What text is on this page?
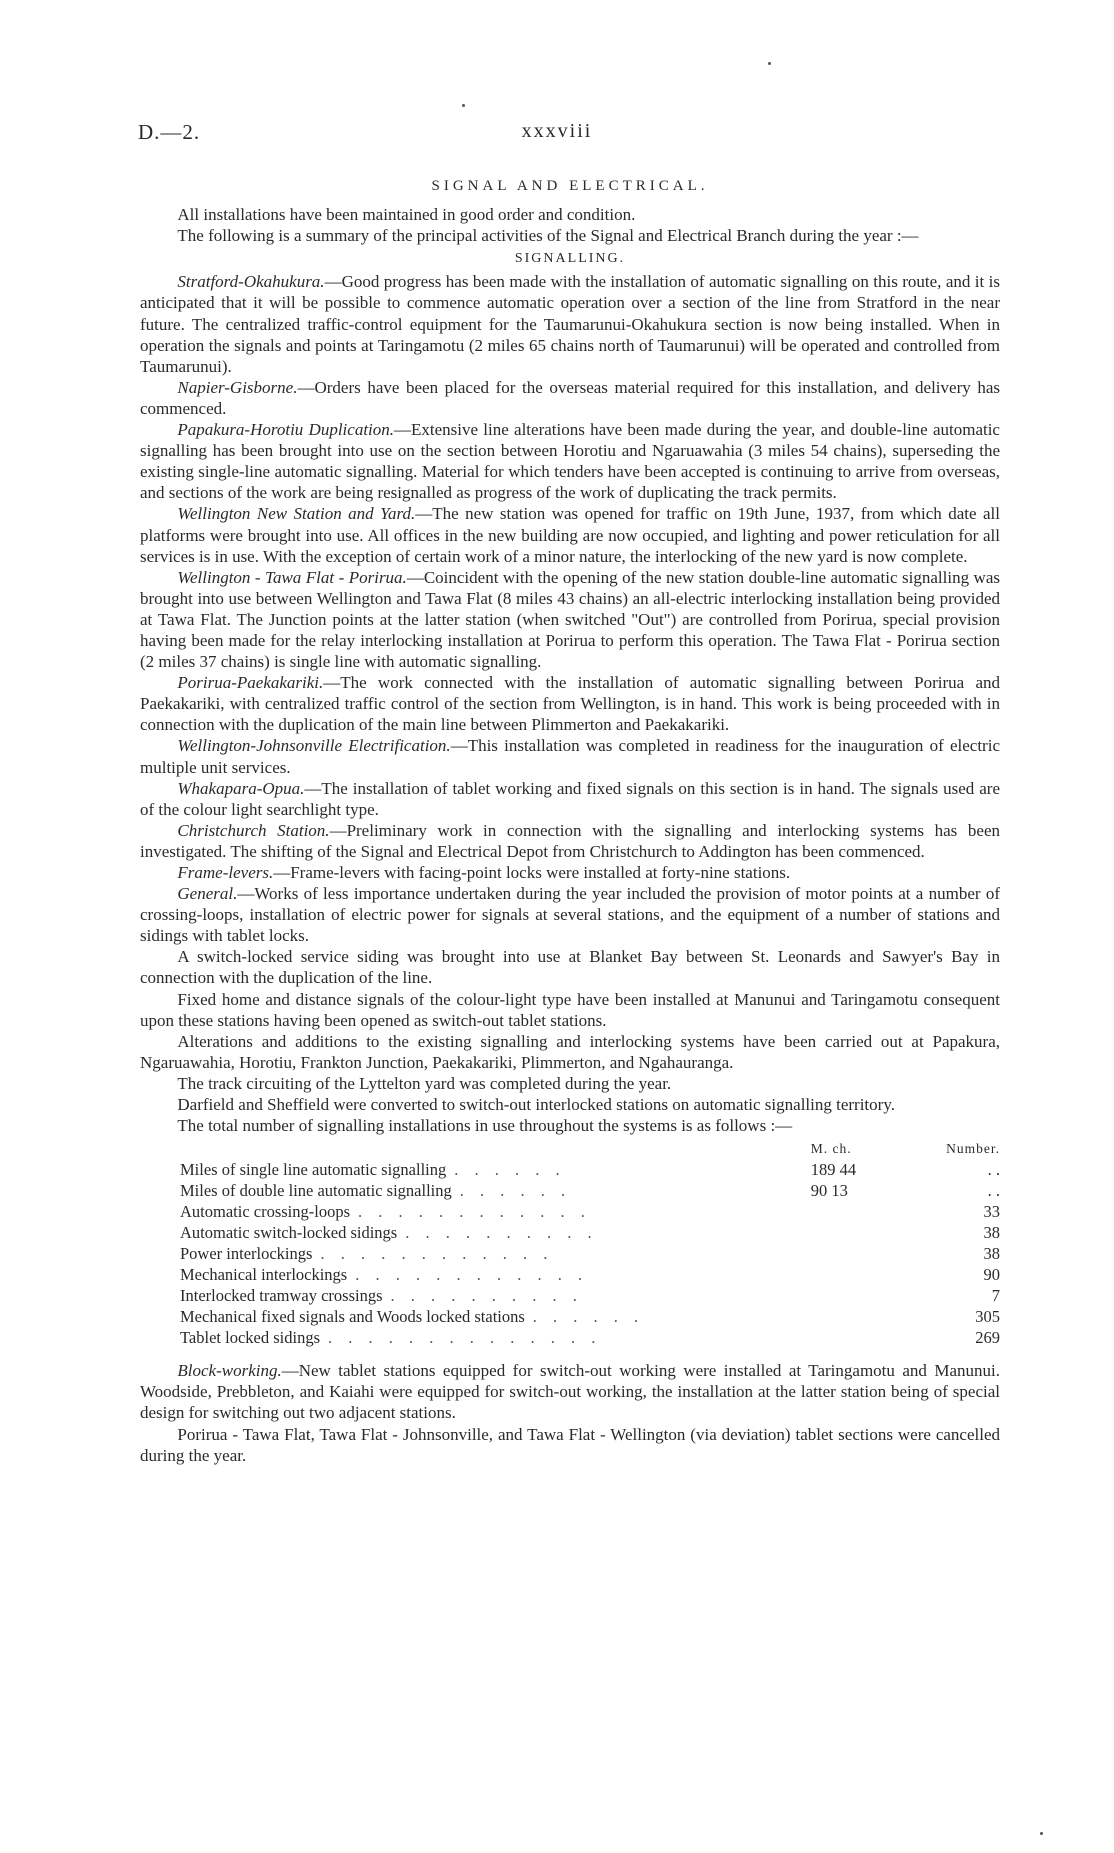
D.—2.	xxxviii
SIGNAL AND ELECTRICAL.

All installations have been maintained in good order and condition.

The following is a summary of the principal activities of the Signal and Electrical Branch during the year :—

SIGNALLING.

Stratford-Okahukura.—Good progress has been made with the installation of automatic signalling on this route, and it is anticipated that it will be possible to commence automatic operation over a section of the line from Stratford in the near future. The centralized traffic-control equipment for the Taumarunui-Okahukura section is now being installed. When in operation the signals and points at Taringamotu (2 miles 65 chains north of Taumarunui) will be operated and controlled from Taumarunui).

Napier-Gisborne.—Orders have been placed for the overseas material required for this installation, and delivery has commenced.

Papakura-Horotiu Duplication.—Extensive line alterations have been made during the year, and double-line automatic signalling has been brought into use on the section between Horotiu and Ngaruawahia (3 miles 54 chains), superseding the existing single-line automatic signalling. Material for which tenders have been accepted is continuing to arrive from overseas, and sections of the work are being resignalled as progress of the work of duplicating the track permits.

Wellington New Station and Yard.—The new station was opened for traffic on 19th June, 1937, from which date all platforms were brought into use. All offices in the new building are now occupied, and lighting and power reticulation for all services is in use. With the exception of certain work of a minor nature, the interlocking of the new yard is now complete.

Wellington - Tawa Flat - Porirua.—Coincident with the opening of the new station double-line automatic signalling was brought into use between Wellington and Tawa Flat (8 miles 43 chains) an all-electric interlocking installation being provided at Tawa Flat. The Junction points at the latter station (when switched "Out") are controlled from Porirua, special provision having been made for the relay interlocking installation at Porirua to perform this operation. The Tawa Flat - Porirua section (2 miles 37 chains) is single line with automatic signalling.

Porirua-Paekakariki.—The work connected with the installation of automatic signalling between Porirua and Paekakariki, with centralized traffic control of the section from Wellington, is in hand. This work is being proceeded with in connection with the duplication of the main line between Plimmerton and Paekakariki.

Wellington-Johnsonville Electrification.—This installation was completed in readiness for the inauguration of electric multiple unit services.

Whakapara-Opua.—The installation of tablet working and fixed signals on this section is in hand. The signals used are of the colour light searchlight type.

Christchurch Station.—Preliminary work in connection with the signalling and interlocking systems has been investigated. The shifting of the Signal and Electrical Depot from Christchurch to Addington has been commenced.

Frame-levers.—Frame-levers with facing-point locks were installed at forty-nine stations.

General.—Works of less importance undertaken during the year included the provision of motor points at a number of crossing-loops, installation of electric power for signals at several stations, and the equipment of a number of stations and sidings with tablet locks.

A switch-locked service siding was brought into use at Blanket Bay between St. Leonards and Sawyer's Bay in connection with the duplication of the line.

Fixed home and distance signals of the colour-light type have been installed at Manunui and Taringamotu consequent upon these stations having been opened as switch-out tablet stations.

Alterations and additions to the existing signalling and interlocking systems have been carried out at Papakura, Ngaruawahia, Horotiu, Frankton Junction, Paekakariki, Plimmerton, and Ngahauranga.

The track circuiting of the Lyttelton yard was completed during the year.

Darfield and Sheffield were converted to switch-out interlocked stations on automatic signalling territory.

The total number of signalling installations in use throughout the systems is as follows :—

	M. ch.	Number.
Miles of single line automatic signalling . . . . . .	189 44	. .
Miles of double line automatic signalling . . . . . .	90 13	. .
Automatic crossing-loops . . . . . . . . . . . .		33
Automatic switch-locked sidings . . . . . . . . . .		38
Power interlockings . . . . . . . . . . . .		38
Mechanical interlockings . . . . . . . . . . . .		90
Interlocked tramway crossings . . . . . . . . . .		7
Mechanical fixed signals and Woods locked stations . . . . . .		305
Tablet locked sidings . . . . . . . . . . . . . .		269

Block-working.—New tablet stations equipped for switch-out working were installed at Taringamotu and Manunui. Woodside, Prebbleton, and Kaiahi were equipped for switch-out working, the installation at the latter station being of special design for switching out two adjacent stations.

Porirua - Tawa Flat, Tawa Flat - Johnsonville, and Tawa Flat - Wellington (via deviation) tablet sections were cancelled during the year.
